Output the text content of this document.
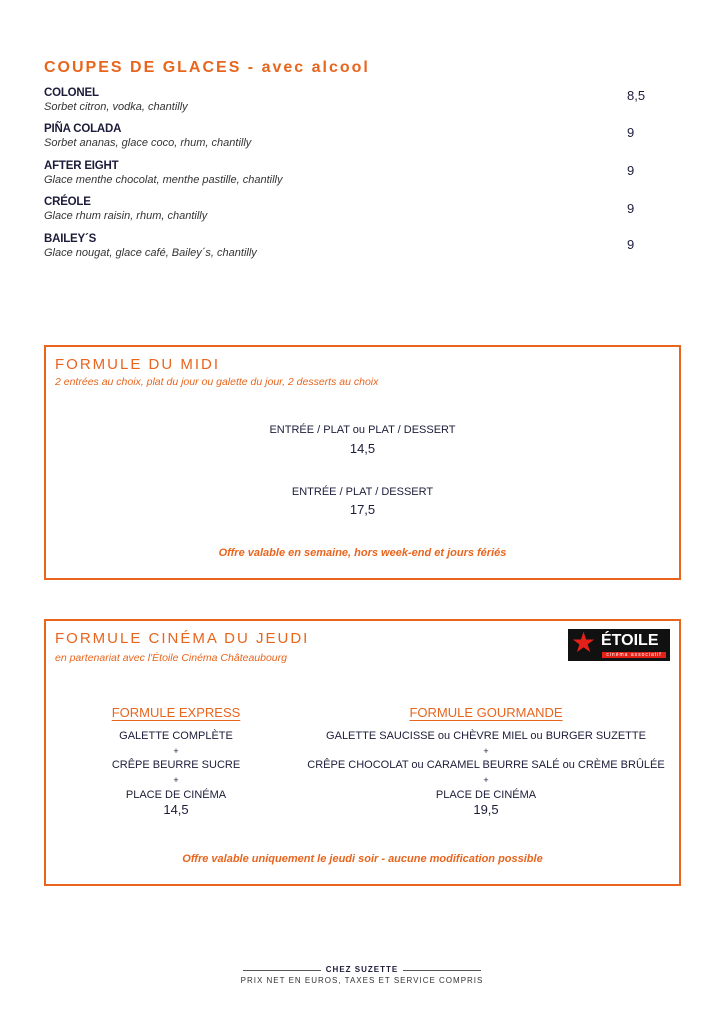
COUPES DE GLACES - avec alcool
COLONEL
Sorbet citron, vodka, chantilly
8,5
PIÑA COLADA
Sorbet ananas, glace coco, rhum, chantilly
9
AFTER EIGHT
Glace menthe chocolat, menthe pastille, chantilly
9
CRÉOLE
Glace rhum raisin, rhum, chantilly	9
BAILEY´S
Glace nougat, glace café, Bailey´s, chantilly
9
FORMULE DU MIDI
2 entrées au choix, plat du jour ou galette du jour, 2 desserts au choix
ENTRÉE / PLAT ou PLAT / DESSERT
14,5
ENTRÉE / PLAT / DESSERT
17,5
Offre valable en semaine, hors week-end et jours fériés
FORMULE CINÉMA DU JEUDI
en partenariat avec l'Étoile Cinéma Châteaubourg	★ ÉTOILE
cinéma associatif
FORMULE EXPRESS
GALETTE COMPLÈTE
+
CRÊPE BEURRE SUCRE
+
PLACE DE CINÉMA
14,5
FORMULE GOURMANDE
GALETTE SAUCISSE ou CHÈVRE MIEL ou BURGER SUZETTE
+
CRÊPE CHOCOLAT ou CARAMEL BEURRE SALÉ ou CRÈME BRÛLÉE
+
PLACE DE CINÉMA
19,5
Offre valable uniquement le jeudi soir - aucune modification possible
CHEZ SUZETTE
PRIX NET EN EUROS, TAXES ET SERVICE COMPRIS
